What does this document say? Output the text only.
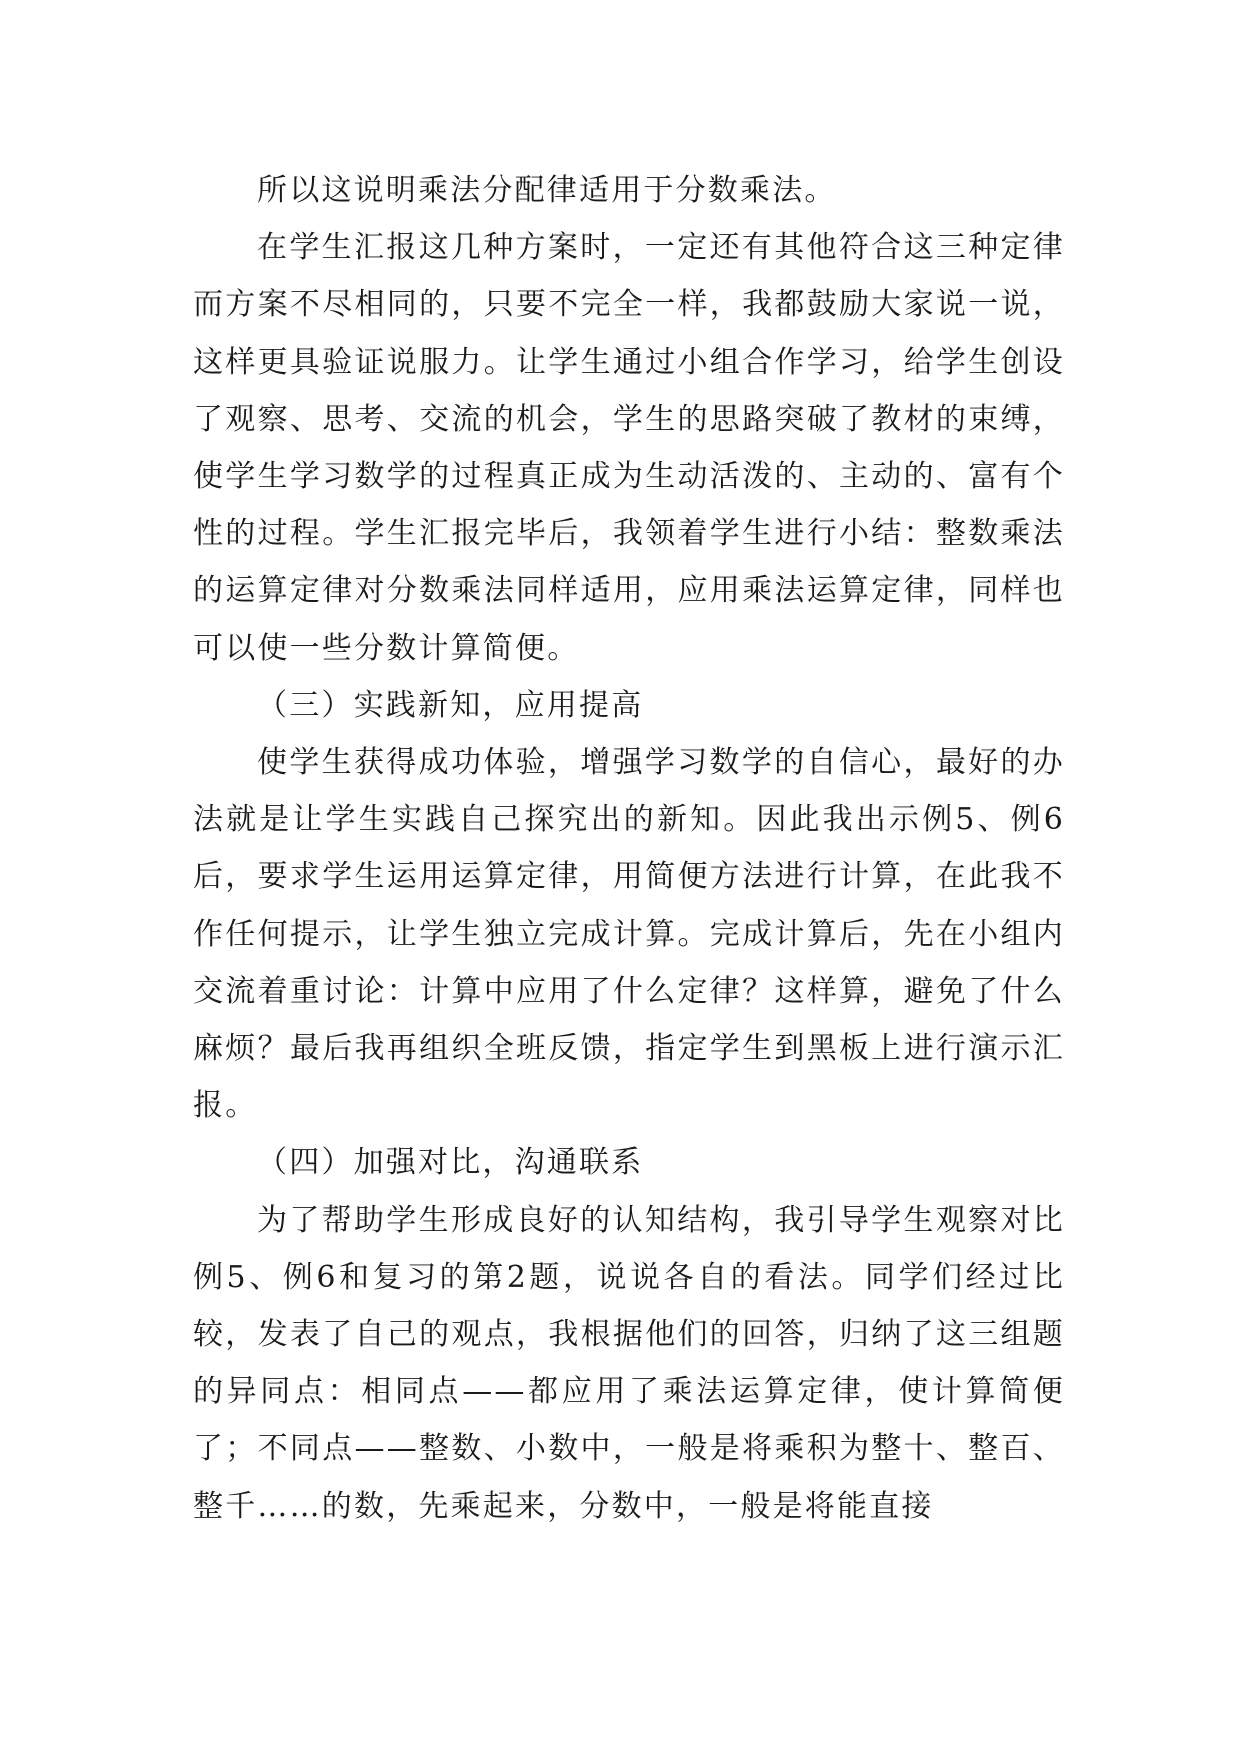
所以这说明乘法分配律适用于分数乘法。

在学生汇报这几种方案时，一定还有其他符合这三种定律而方案不尽相同的，只要不完全一样，我都鼓励大家说一说，这样更具验证说服力。让学生通过小组合作学习，给学生创设了观察、思考、交流的机会，学生的思路突破了教材的束缚，使学生学习数学的过程真正成为生动活泼的、主动的、富有个性的过程。学生汇报完毕后，我领着学生进行小结：整数乘法的运算定律对分数乘法同样适用，应用乘法运算定律，同样也可以使一些分数计算简便。

（三）实践新知，应用提高

使学生获得成功体验，增强学习数学的自信心，最好的办法就是让学生实践自己探究出的新知。因此我出示例5、例6后，要求学生运用运算定律，用简便方法进行计算，在此我不作任何提示，让学生独立完成计算。完成计算后，先在小组内交流着重讨论：计算中应用了什么定律？这样算，避免了什么麻烦？最后我再组织全班反馈，指定学生到黑板上进行演示汇报。

（四）加强对比，沟通联系

为了帮助学生形成良好的认知结构，我引导学生观察对比例5、例6和复习的第2题，说说各自的看法。同学们经过比较，发表了自己的观点，我根据他们的回答，归纳了这三组题的异同点：相同点——都应用了乘法运算定律，使计算简便了；不同点——整数、小数中，一般是将乘积为整十、整百、整千……的数，先乘起来，分数中，一般是将能直接
